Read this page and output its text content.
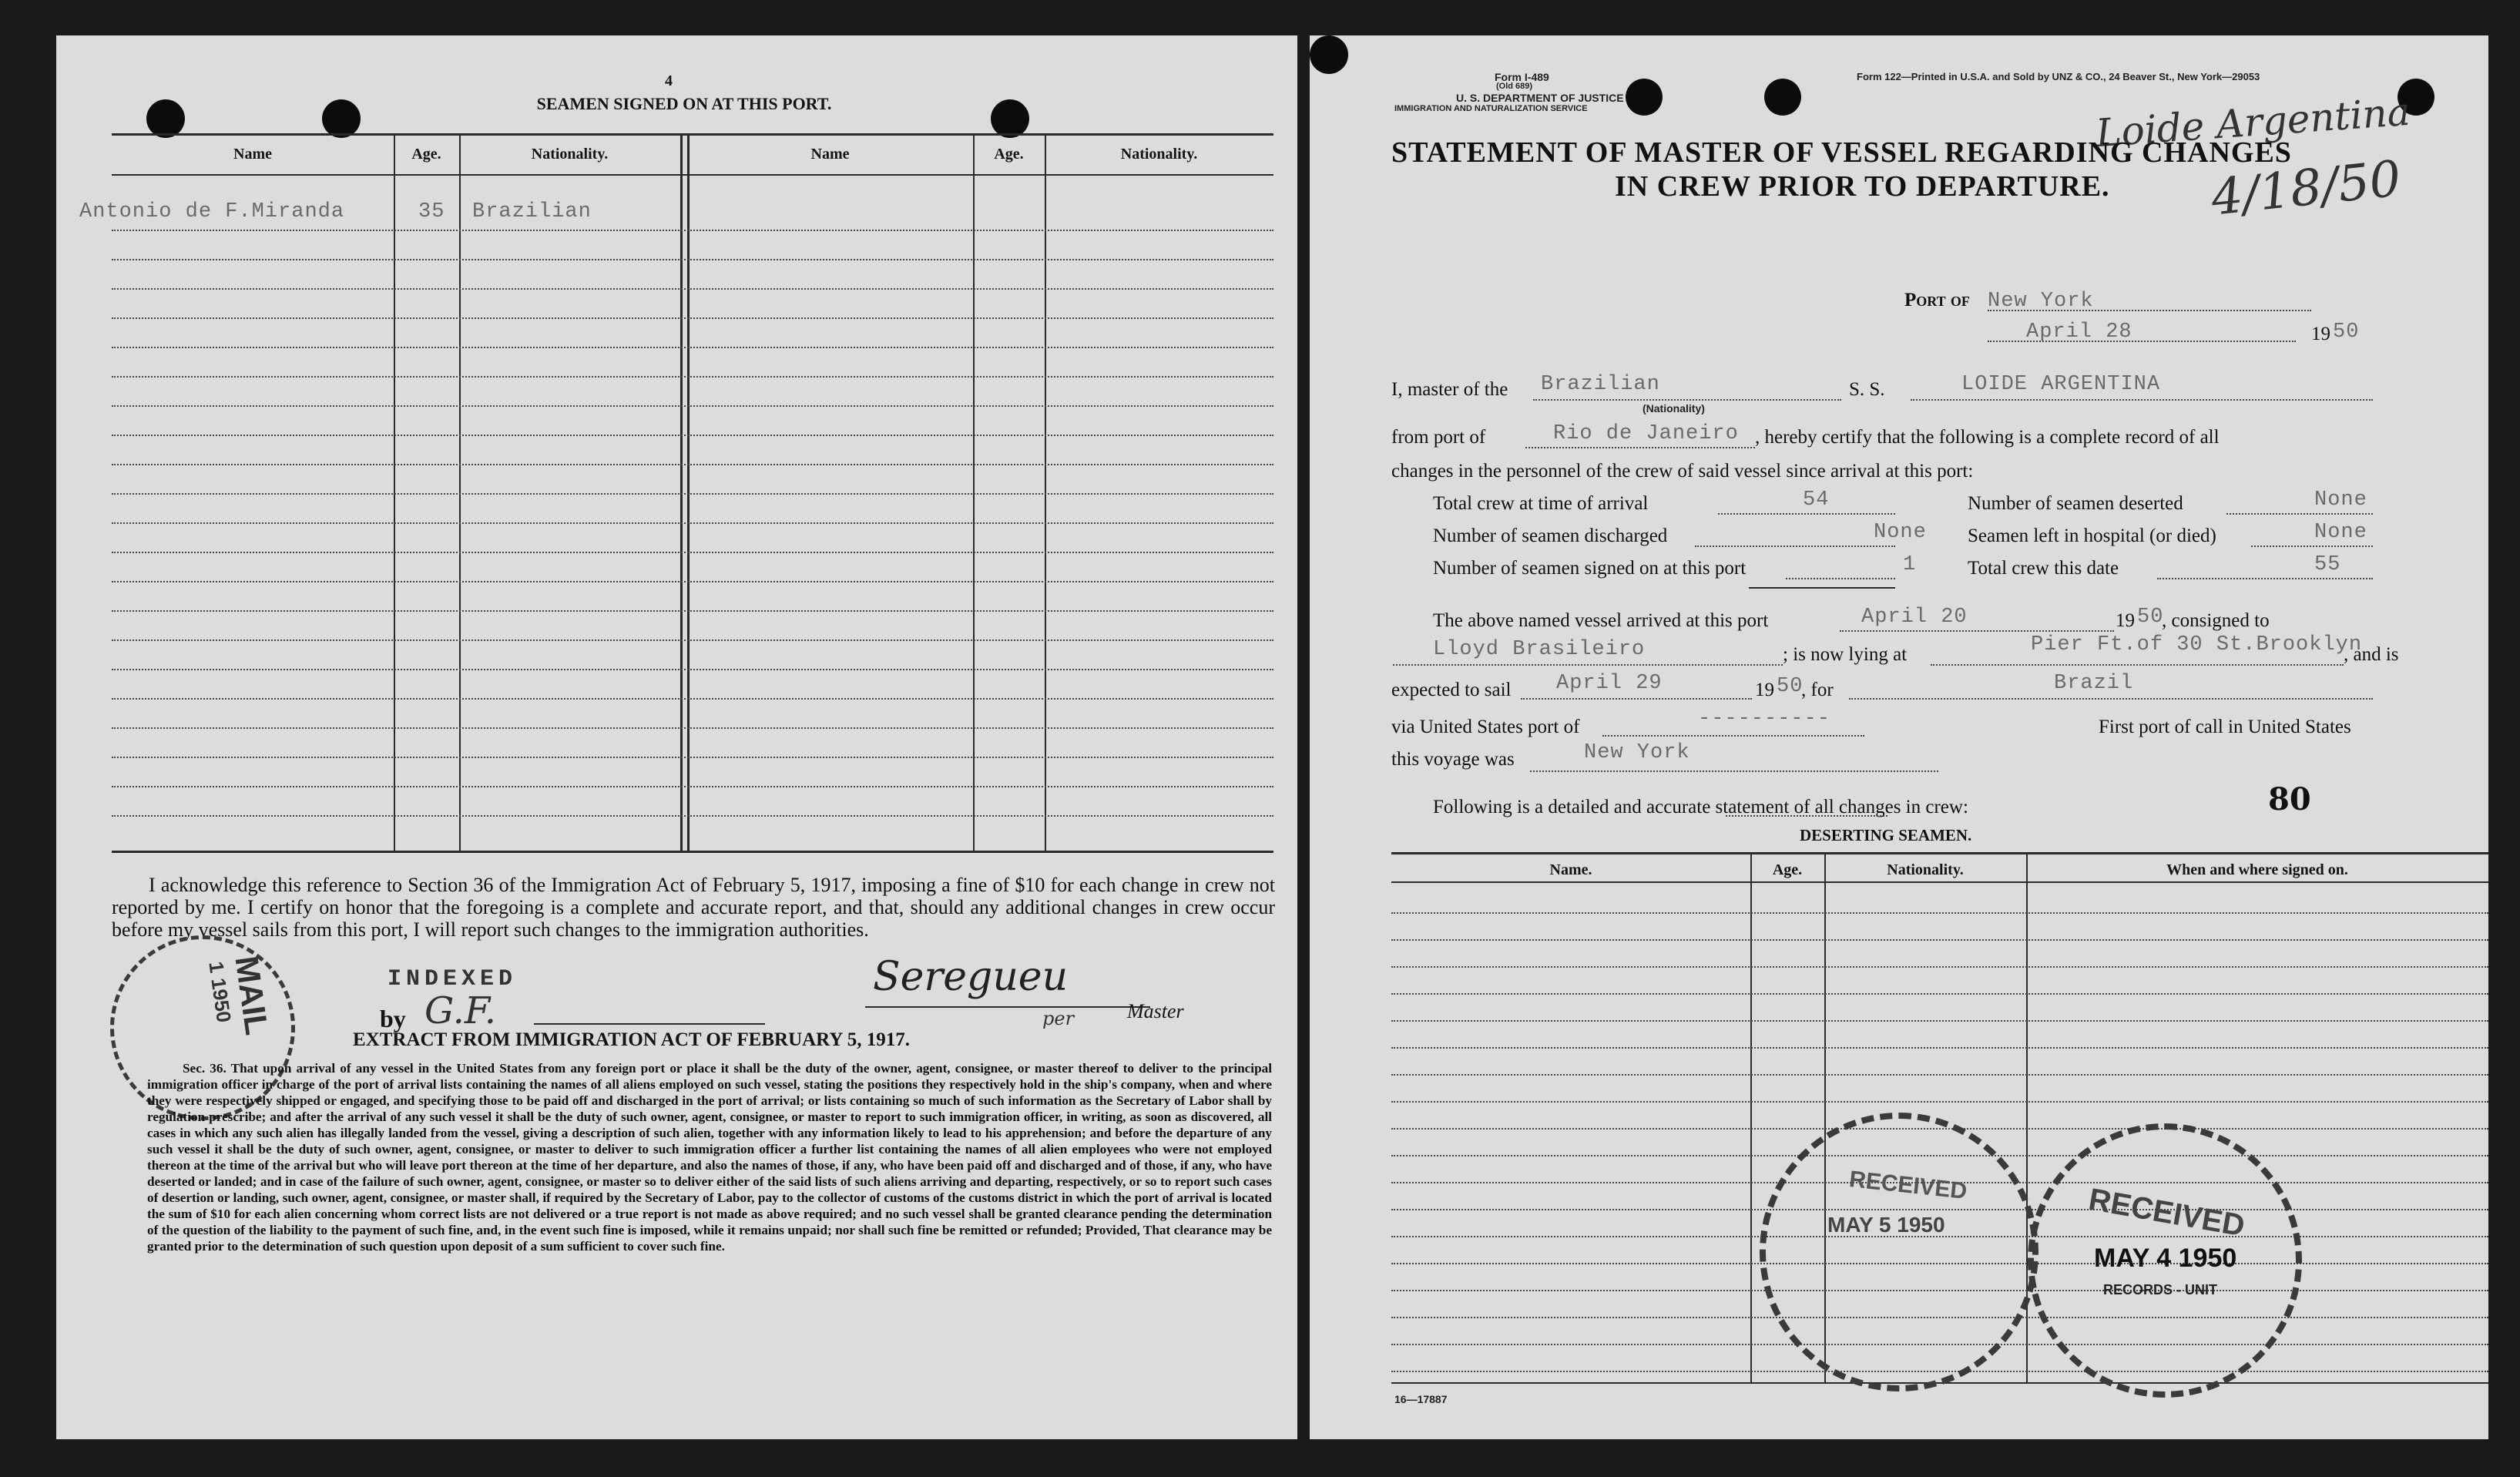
4
SEAMEN SIGNED ON AT THIS PORT.
Name	Age.	Nationality.	Name	Age.	Nationality.
Antonio de F.Miranda	35 Brazilian
I acknowledge this reference to Section 36 of the Immigration Act of February 5, 1917, imposing a fine of $10 for each change in crew not reported by me. I certify on honor that the foregoing is a complete and accurate report, and that, should any additional changes in crew occur before my vessel sails from this port, I will report such changes to the immigration authorities.
MAIL
1 1950	INDEXED
by G.F.
Seregueu
per	Master
EXTRACT FROM IMMIGRATION ACT OF FEBRUARY 5, 1917.
Sec. 36. That upon arrival of any vessel in the United States from any foreign port or place it shall be the duty of the owner, agent, consignee, or master thereof to deliver to the principal immigration officer in charge of the port of arrival lists containing the names of all aliens employed on such vessel, stating the positions they respectively hold in the ship's company, when and where they were respectively shipped or engaged, and specifying those to be paid off and discharged in the port of arrival; or lists containing so much of such information as the Secretary of Labor shall by regulation prescribe; and after the arrival of any such vessel it shall be the duty of such owner, agent, consignee, or master to report to such immigration officer, in writing, as soon as discovered, all cases in which any such alien has illegally landed from the vessel, giving a description of such alien, together with any information likely to lead to his apprehension; and before the departure of any such vessel it shall be the duty of such owner, agent, consignee, or master to deliver to such immigration officer a further list containing the names of all alien employees who were not employed thereon at the time of the arrival but who will leave port thereon at the time of her departure, and also the names of those, if any, who have been paid off and discharged and of those, if any, who have deserted or landed; and in case of the failure of such owner, agent, consignee, or master so to deliver either of the said lists of such aliens arriving and departing, respectively, or so to report such cases of desertion or landing, such owner, agent, consignee, or master shall, if required by the Secretary of Labor, pay to the collector of customs of the customs district in which the port of arrival is located the sum of $10 for each alien concerning whom correct lists are not delivered or a true report is not made as above required; and no such vessel shall be granted clearance pending the determination of the question of the liability to the payment of such fine, and, in the event such fine is imposed, while it remains unpaid; nor shall such fine be remitted or refunded; Provided, That clearance may be granted prior to the determination of such question upon deposit of a sum sufficient to cover such fine.
Form I-489
(Old 689)
U. S. DEPARTMENT OF JUSTICE
IMMIGRATION AND NATURALIZATION SERVICE
Form 122—Printed in U.S.A. and Sold by UNZ & CO., 24 Beaver St., New York—29053
Loide Argentina
4/18/50
STATEMENT OF MASTER OF VESSEL REGARDING CHANGES
IN CREW PRIOR TO DEPARTURE.
Port of New York
April 28	19 50
I, master of the Brazilian
(Nationality)
S. S.	LOIDE ARGENTINA
from port of	Rio de Janeiro , hereby certify that the following is a complete record of all
changes in the personnel of the crew of said vessel since arrival at this port:
Total crew at time of arrival	54
Number of seamen discharged	None
Number of seamen signed on at this port	1
Number of seamen deserted	None
Seamen left in hospital (or died)	None
Total crew this date	55
The above named vessel arrived at this port	April 20	19 50
, consigned to
Lloyd Brasileiro	; is now lying at	Pier Ft.of 30 St.Brooklyn
, and is
expected to sail April 29	19 50
, for	Brazil
via United States port of	----------	First port of call in United States
this voyage was	New York
Following is a detailed and accurate statement of all changes in crew:	80
DESERTING SEAMEN.
Name.	Age.	Nationality.	When and where signed on.
RECEIVED
MAY 5 1950	RECEIVED
MAY 4 1950
RECORDS - UNIT
16—17887
